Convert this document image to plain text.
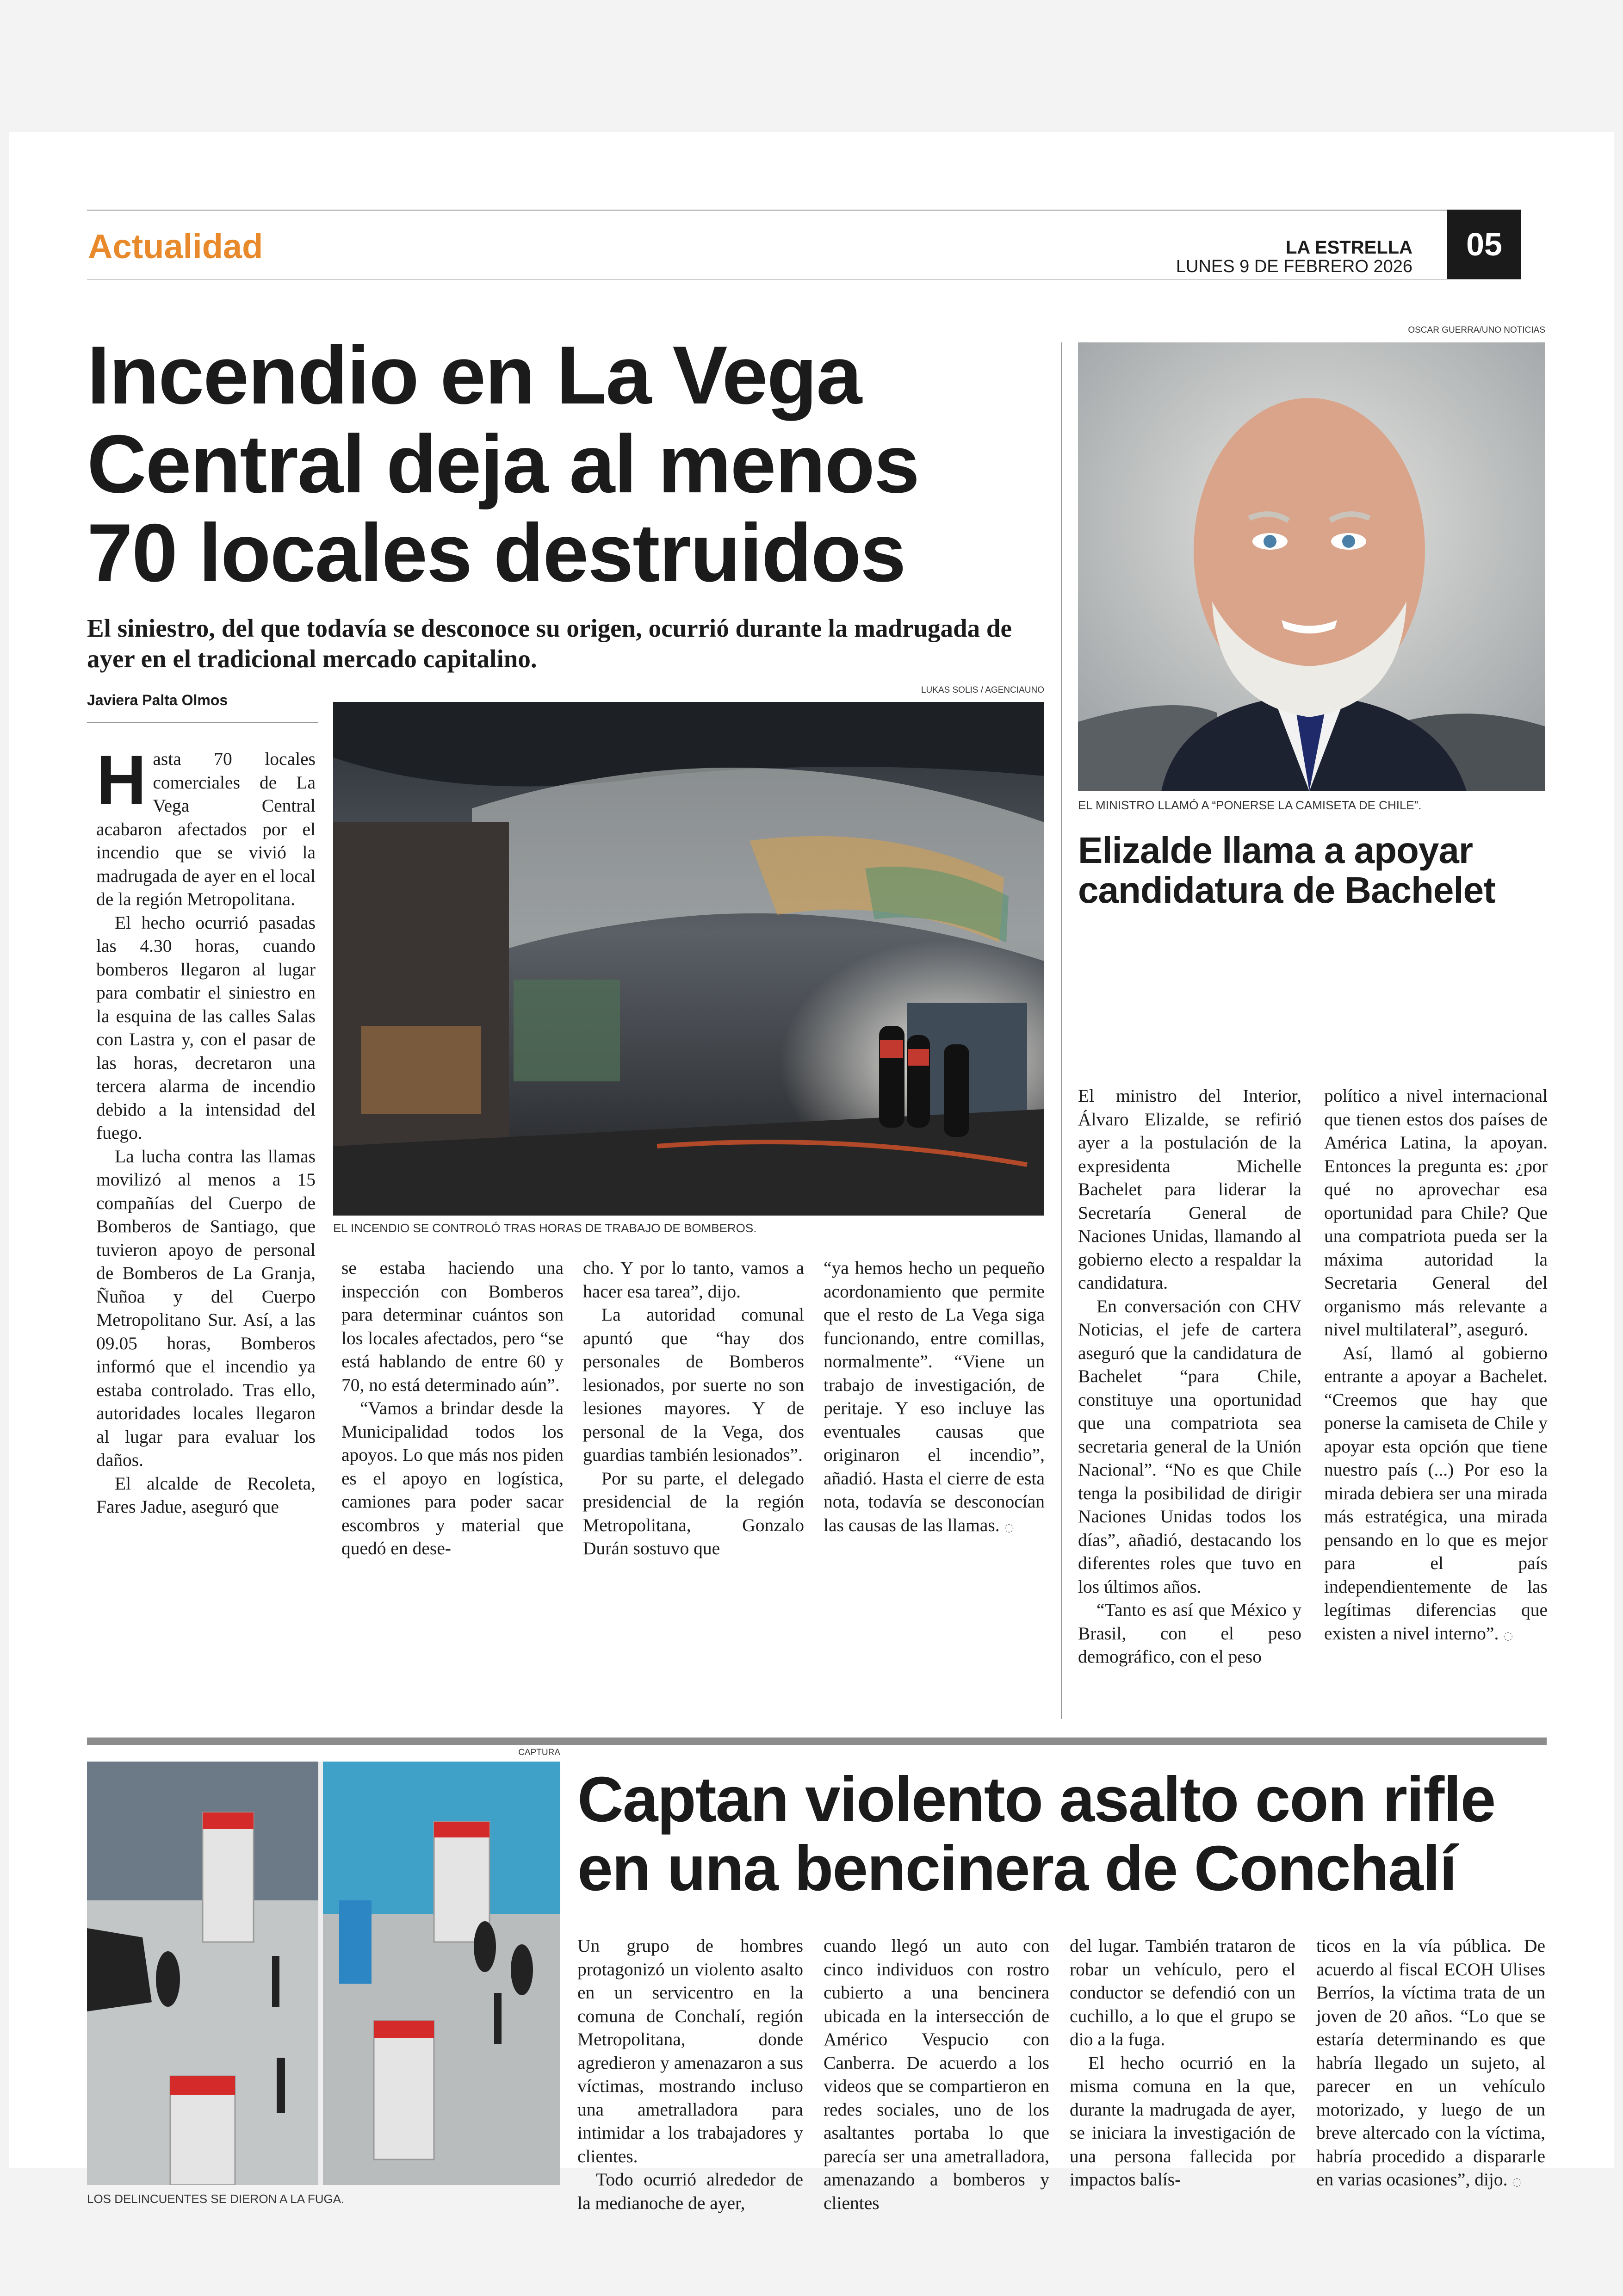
Actualidad	LA ESTRELLA
LUNES 9 DE FEBRERO 2026
05
Incendio en La Vega
Central deja al menos
70 locales destruidos
El siniestro, del que todavía se desconoce su origen, ocurrió durante la madrugada de ayer en el tradicional mercado capitalino.
Javiera Palta Olmos
LUKAS SOLIS / AGENCIAUNO
EL INCENDIO SE CONTROLÓ TRAS HORAS DE TRABAJO DE BOMBEROS.

Hasta 70 locales comerciales de La Vega Central acabaron afectados por el incendio que se vivió la madrugada de ayer en el local de la región Metropolitana.

El hecho ocurrió pasadas las 4.30 horas, cuando bomberos llegaron al lugar para combatir el siniestro en la esquina de las calles Salas con Lastra y, con el pasar de las horas, decretaron una tercera alarma de incendio debido a la intensidad del fuego.

La lucha contra las llamas movilizó al menos a 15 compañías del Cuerpo de Bomberos de Santiago, que tuvieron apoyo de personal de Bomberos de La Granja, Ñuñoa y del Cuerpo Metropolitano Sur. Así, a las 09.05 horas, Bomberos informó que el incendio ya estaba controlado. Tras ello, autoridades locales llegaron al lugar para evaluar los daños.

El alcalde de Recoleta, Fares Jadue, aseguró que

se estaba haciendo una inspección con Bomberos para determinar cuántos son los locales afectados, pero “se está hablando de entre 60 y 70, no está determinado aún”.

“Vamos a brindar desde la Municipalidad todos los apoyos. Lo que más nos piden es el apoyo en logística, camiones para poder sacar escombros y material que quedó en dese-

cho. Y por lo tanto, vamos a hacer esa tarea”, dijo.

La autoridad comunal apuntó que “hay dos personales de Bomberos lesionados, por suerte no son lesiones mayores. Y de personal de la Vega, dos guardias también lesionados”.

Por su parte, el delegado presidencial de la región Metropolitana, Gonzalo Durán sostuvo que

“ya hemos hecho un pequeño acordonamiento que permite que el resto de La Vega siga funcionando, entre comillas, normalmente”. “Viene un trabajo de investigación, de peritaje. Y eso incluye las eventuales causas que originaron el incendio”, añadió. Hasta el cierre de esta nota, todavía se desconocían las causas de las llamas. ◌

OSCAR GUERRA/UNO NOTICIAS
EL MINISTRO LLAMÓ A “PONERSE LA CAMISETA DE CHILE”.
Elizalde llama a apoyar
candidatura de Bachelet

El ministro del Interior, Álvaro Elizalde, se refirió ayer a la postulación de la expresidenta Michelle Bachelet para liderar la Secretaría General de Naciones Unidas, llamando al gobierno electo a respaldar la candidatura.

En conversación con CHV Noticias, el jefe de cartera aseguró que la candidatura de Bachelet “para Chile, constituye una oportunidad que una compatriota sea secretaria general de la Unión Nacional”. “No es que Chile tenga la posibilidad de dirigir Naciones Unidas todos los días”, añadió, destacando los diferentes roles que tuvo en los últimos años.

“Tanto es así que México y Brasil, con el peso demográfico, con el peso

político a nivel internacional que tienen estos dos países de América Latina, la apoyan. Entonces la pregunta es: ¿por qué no aprovechar esa oportunidad para Chile? Que una compatriota pueda ser la máxima autoridad la Secretaria General del organismo más relevante a nivel multilateral”, aseguró.

Así, llamó al gobierno entrante a apoyar a Bachelet. “Creemos que hay que ponerse la camiseta de Chile y apoyar esta opción que tiene nuestro país (...) Por eso la mirada debiera ser una mirada más estratégica, una mirada pensando en lo que es mejor para el país independientemente de las legítimas diferencias que existen a nivel interno”. ◌

CAPTURA
LOS DELINCUENTES SE DIERON A LA FUGA.
Captan violento asalto con rifle
en una bencinera de Conchalí

Un grupo de hombres protagonizó un violento asalto en un servicentro en la comuna de Conchalí, región Metropolitana, donde agredieron y amenazaron a sus víctimas, mostrando incluso una ametralladora para intimidar a los trabajadores y clientes.

Todo ocurrió alrededor de la medianoche de ayer,

cuando llegó un auto con cinco individuos con rostro cubierto a una bencinera ubicada en la intersección de Américo Vespucio con Canberra. De acuerdo a los videos que se compartieron en redes sociales, uno de los asaltantes portaba lo que parecía ser una ametralladora, amenazando a bomberos y clientes

del lugar. También trataron de robar un vehículo, pero el conductor se defendió con un cuchillo, a lo que el grupo se dio a la fuga.

El hecho ocurrió en la misma comuna en la que, durante la madrugada de ayer, se iniciara la investigación de una persona fallecida por impactos balís-

ticos en la vía pública. De acuerdo al fiscal ECOH Ulises Berríos, la víctima trata de un joven de 20 años. “Lo que se estaría determinando es que habría llegado un sujeto, al parecer en un vehículo motorizado, y luego de un breve altercado con la víctima, habría procedido a dispararle en varias ocasiones”, dijo. ◌
